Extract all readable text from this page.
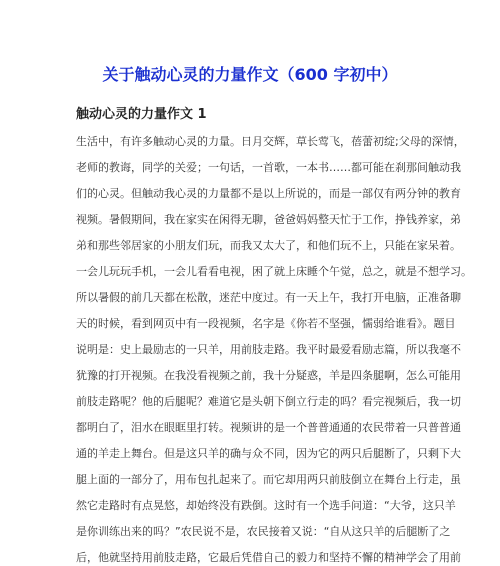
关于触动心灵的力量作文（600 字初中）
触动心灵的力量作文 1
生活中，有许多触动心灵的力量。日月交辉，草长莺飞，蓓蕾初绽;父母的深情，
老师的教诲，同学的关爱；一句话，一首歌，一本书……都可能在刹那间触动我
们的心灵。但触动我心灵的力量都不是以上所说的，而是一部仅有两分钟的教育
视频。暑假期间，我在家实在闲得无聊，爸爸妈妈整天忙于工作，挣钱养家，弟
弟和那些邻居家的小朋友们玩，而我又太大了，和他们玩不上，只能在家呆着。
一会儿玩玩手机，一会儿看看电视，困了就上床睡个午觉，总之，就是不想学习。
所以暑假的前几天都在松散，迷茫中度过。有一天上午，我打开电脑，正准备聊
天的时候，看到网页中有一段视频，名字是《你若不坚强，懦弱给谁看》。题目
说明是：史上最励志的一只羊，用前肢走路。我平时最爱看励志篇，所以我毫不
犹豫的打开视频。在我没看视频之前，我十分疑惑，羊是四条腿啊，怎么可能用
前肢走路呢？他的后腿呢？难道它是头朝下倒立行走的吗？看完视频后，我一切
都明白了，泪水在眼眶里打转。视频讲的是一个普普通通的农民带着一只普普通
通的羊走上舞台。但是这只羊的确与众不同，因为它的两只后腿断了，只剩下大
腿上面的一部分了，用布包扎起来了。而它却用两只前肢倒立在舞台上行走，虽
然它走路时有点晃悠，却始终没有跌倒。这时有一个选手问道：“大爷，这只羊
是你训练出来的吗？”农民说不是，农民接着又说：“自从这只羊的后腿断了之
后，他就坚持用前肢走路，它最后凭借自己的毅力和坚持不懈的精神学会了用前
